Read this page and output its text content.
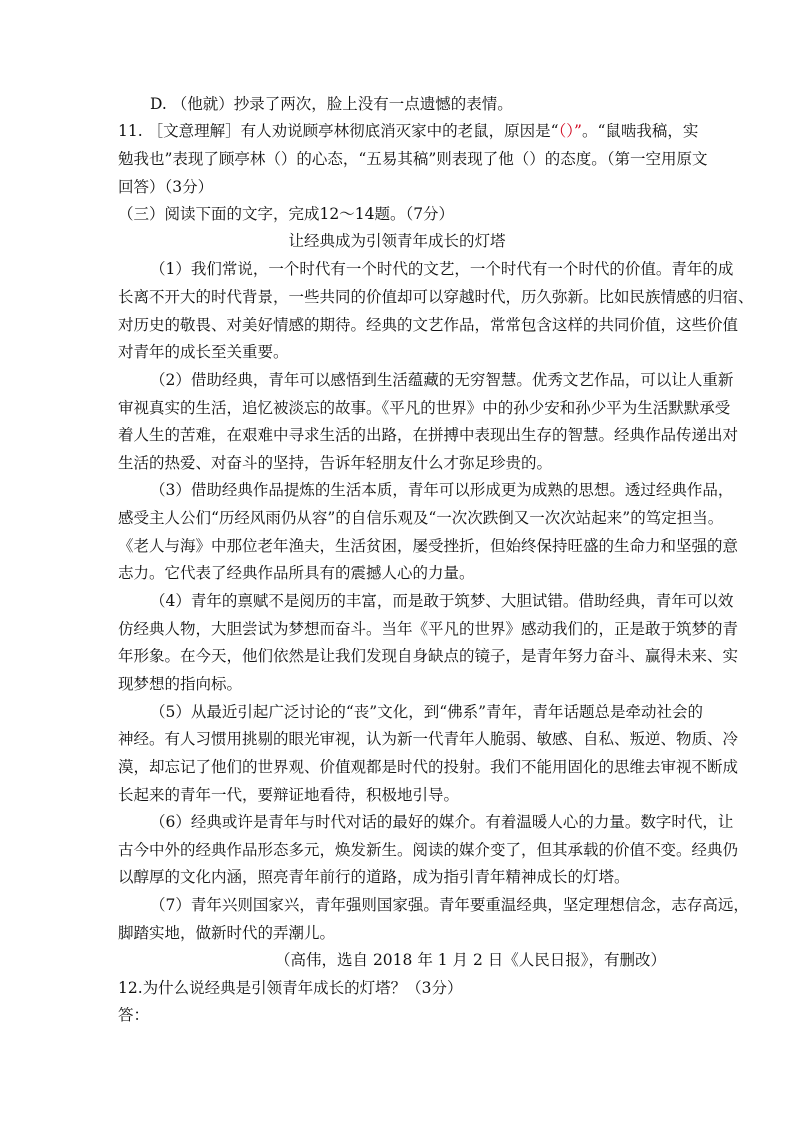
D. （他就）抄录了两次，脸上没有一点遗憾的表情。
11. ［文意理解］有人劝说顾亭林彻底消灭家中的老鼠，原因是“（）”。“鼠啮我稿，实
勉我也”表现了顾亭林（）的心态，“五易其稿”则表现了他（）的态度。（第一空用原文
回答）（3分）
（三）阅读下面的文字，完成12～14题。（7分）
让经典成为引领青年成长的灯塔
（1）我们常说，一个时代有一个时代的文艺，一个时代有一个时代的价值。青年的成
长离不开大的时代背景，一些共同的价值却可以穿越时代，历久弥新。比如民族情感的归宿、
对历史的敬畏、对美好情感的期待。经典的文艺作品，常常包含这样的共同价值，这些价值
对青年的成长至关重要。
（2）借助经典，青年可以感悟到生活蕴藏的无穷智慧。优秀文艺作品，可以让人重新
审视真实的生活，追忆被淡忘的故事。《平凡的世界》中的孙少安和孙少平为生活默默承受
着人生的苦难，在艰难中寻求生活的出路，在拼搏中表现出生存的智慧。经典作品传递出对
生活的热爱、对奋斗的坚持，告诉年轻朋友什么才弥足珍贵的。
（3）借助经典作品提炼的生活本质，青年可以形成更为成熟的思想。透过经典作品，
感受主人公们“历经风雨仍从容”的自信乐观及“一次次跌倒又一次次站起来”的笃定担当。
《老人与海》中那位老年渔夫，生活贫困，屡受挫折，但始终保持旺盛的生命力和坚强的意
志力。它代表了经典作品所具有的震撼人心的力量。
（4）青年的禀赋不是阅历的丰富，而是敢于筑梦、大胆试错。借助经典，青年可以效
仿经典人物，大胆尝试为梦想而奋斗。当年《平凡的世界》感动我们的，正是敢于筑梦的青
年形象。在今天，他们依然是让我们发现自身缺点的镜子，是青年努力奋斗、赢得未来、实
现梦想的指向标。
（5）从最近引起广泛讨论的“丧”文化，到“佛系”青年，青年话题总是牵动社会的
神经。有人习惯用挑剔的眼光审视，认为新一代青年人脆弱、敏感、自私、叛逆、物质、冷
漠，却忘记了他们的世界观、价值观都是时代的投射。我们不能用固化的思维去审视不断成
长起来的青年一代，要辩证地看待，积极地引导。
（6）经典或许是青年与时代对话的最好的媒介。有着温暖人心的力量。数字时代，让
古今中外的经典作品形态多元，焕发新生。阅读的媒介变了，但其承载的价值不变。经典仍
以醇厚的文化内涵，照亮青年前行的道路，成为指引青年精神成长的灯塔。
（7）青年兴则国家兴，青年强则国家强。青年要重温经典，坚定理想信念，志存高远，
脚踏实地，做新时代的弄潮儿。
（高伟，选自 2018 年 1 月 2 日《人民日报》，有删改）
12.为什么说经典是引领青年成长的灯塔？（3分）
答：
